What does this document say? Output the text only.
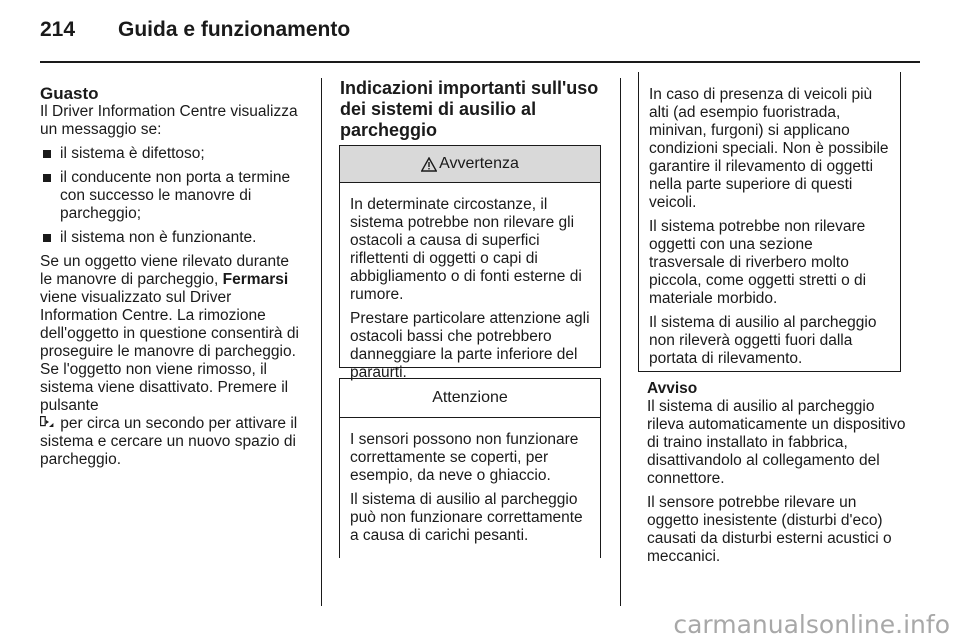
214 Guida e funzionamento
Guasto

Il Driver Information Centre visualizza un messaggio se:

il sistema è difettoso;
il conducente non porta a termine con successo le manovre di parcheggio;
il sistema non è funzionante.

Se un oggetto viene rilevato durante le manovre di parcheggio, Fermarsi viene visualizzato sul Driver Information Centre. La rimozione dell'oggetto in questione consentirà di proseguire le manovre di parcheggio. Se l'oggetto non viene rimosso, il sistema viene disattivato. Premere il pulsante
per circa un secondo per attivare il sistema e cercare un nuovo spazio di parcheggio.

Indicazioni importanti sull'uso dei sistemi di ausilio al parcheggio
Avvertenza

In determinate circostanze, il sistema potrebbe non rilevare gli ostacoli a causa di superfici riflettenti di oggetti o capi di abbigliamento o di fonti esterne di rumore.

Prestare particolare attenzione agli ostacoli bassi che potrebbero danneggiare la parte inferiore del paraurti.

Attenzione

I sensori possono non funzionare correttamente se coperti, per esempio, da neve o ghiaccio.

Il sistema di ausilio al parcheggio può non funzionare correttamente a causa di carichi pesanti.

In caso di presenza di veicoli più alti (ad esempio fuoristrada, minivan, furgoni) si applicano condizioni speciali. Non è possibile garantire il rilevamento di oggetti nella parte superiore di questi veicoli.

Il sistema potrebbe non rilevare oggetti con una sezione trasversale di riverbero molto piccola, come oggetti stretti o di materiale morbido.

Il sistema di ausilio al parcheggio non rileverà oggetti fuori dalla portata di rilevamento.

Avviso

Il sistema di ausilio al parcheggio rileva automaticamente un dispositivo di traino installato in fabbrica, disattivandolo al collegamento del connettore.

Il sensore potrebbe rilevare un oggetto inesistente (disturbi d'eco) causati da disturbi esterni acustici o meccanici.

carmanualsonline.info
